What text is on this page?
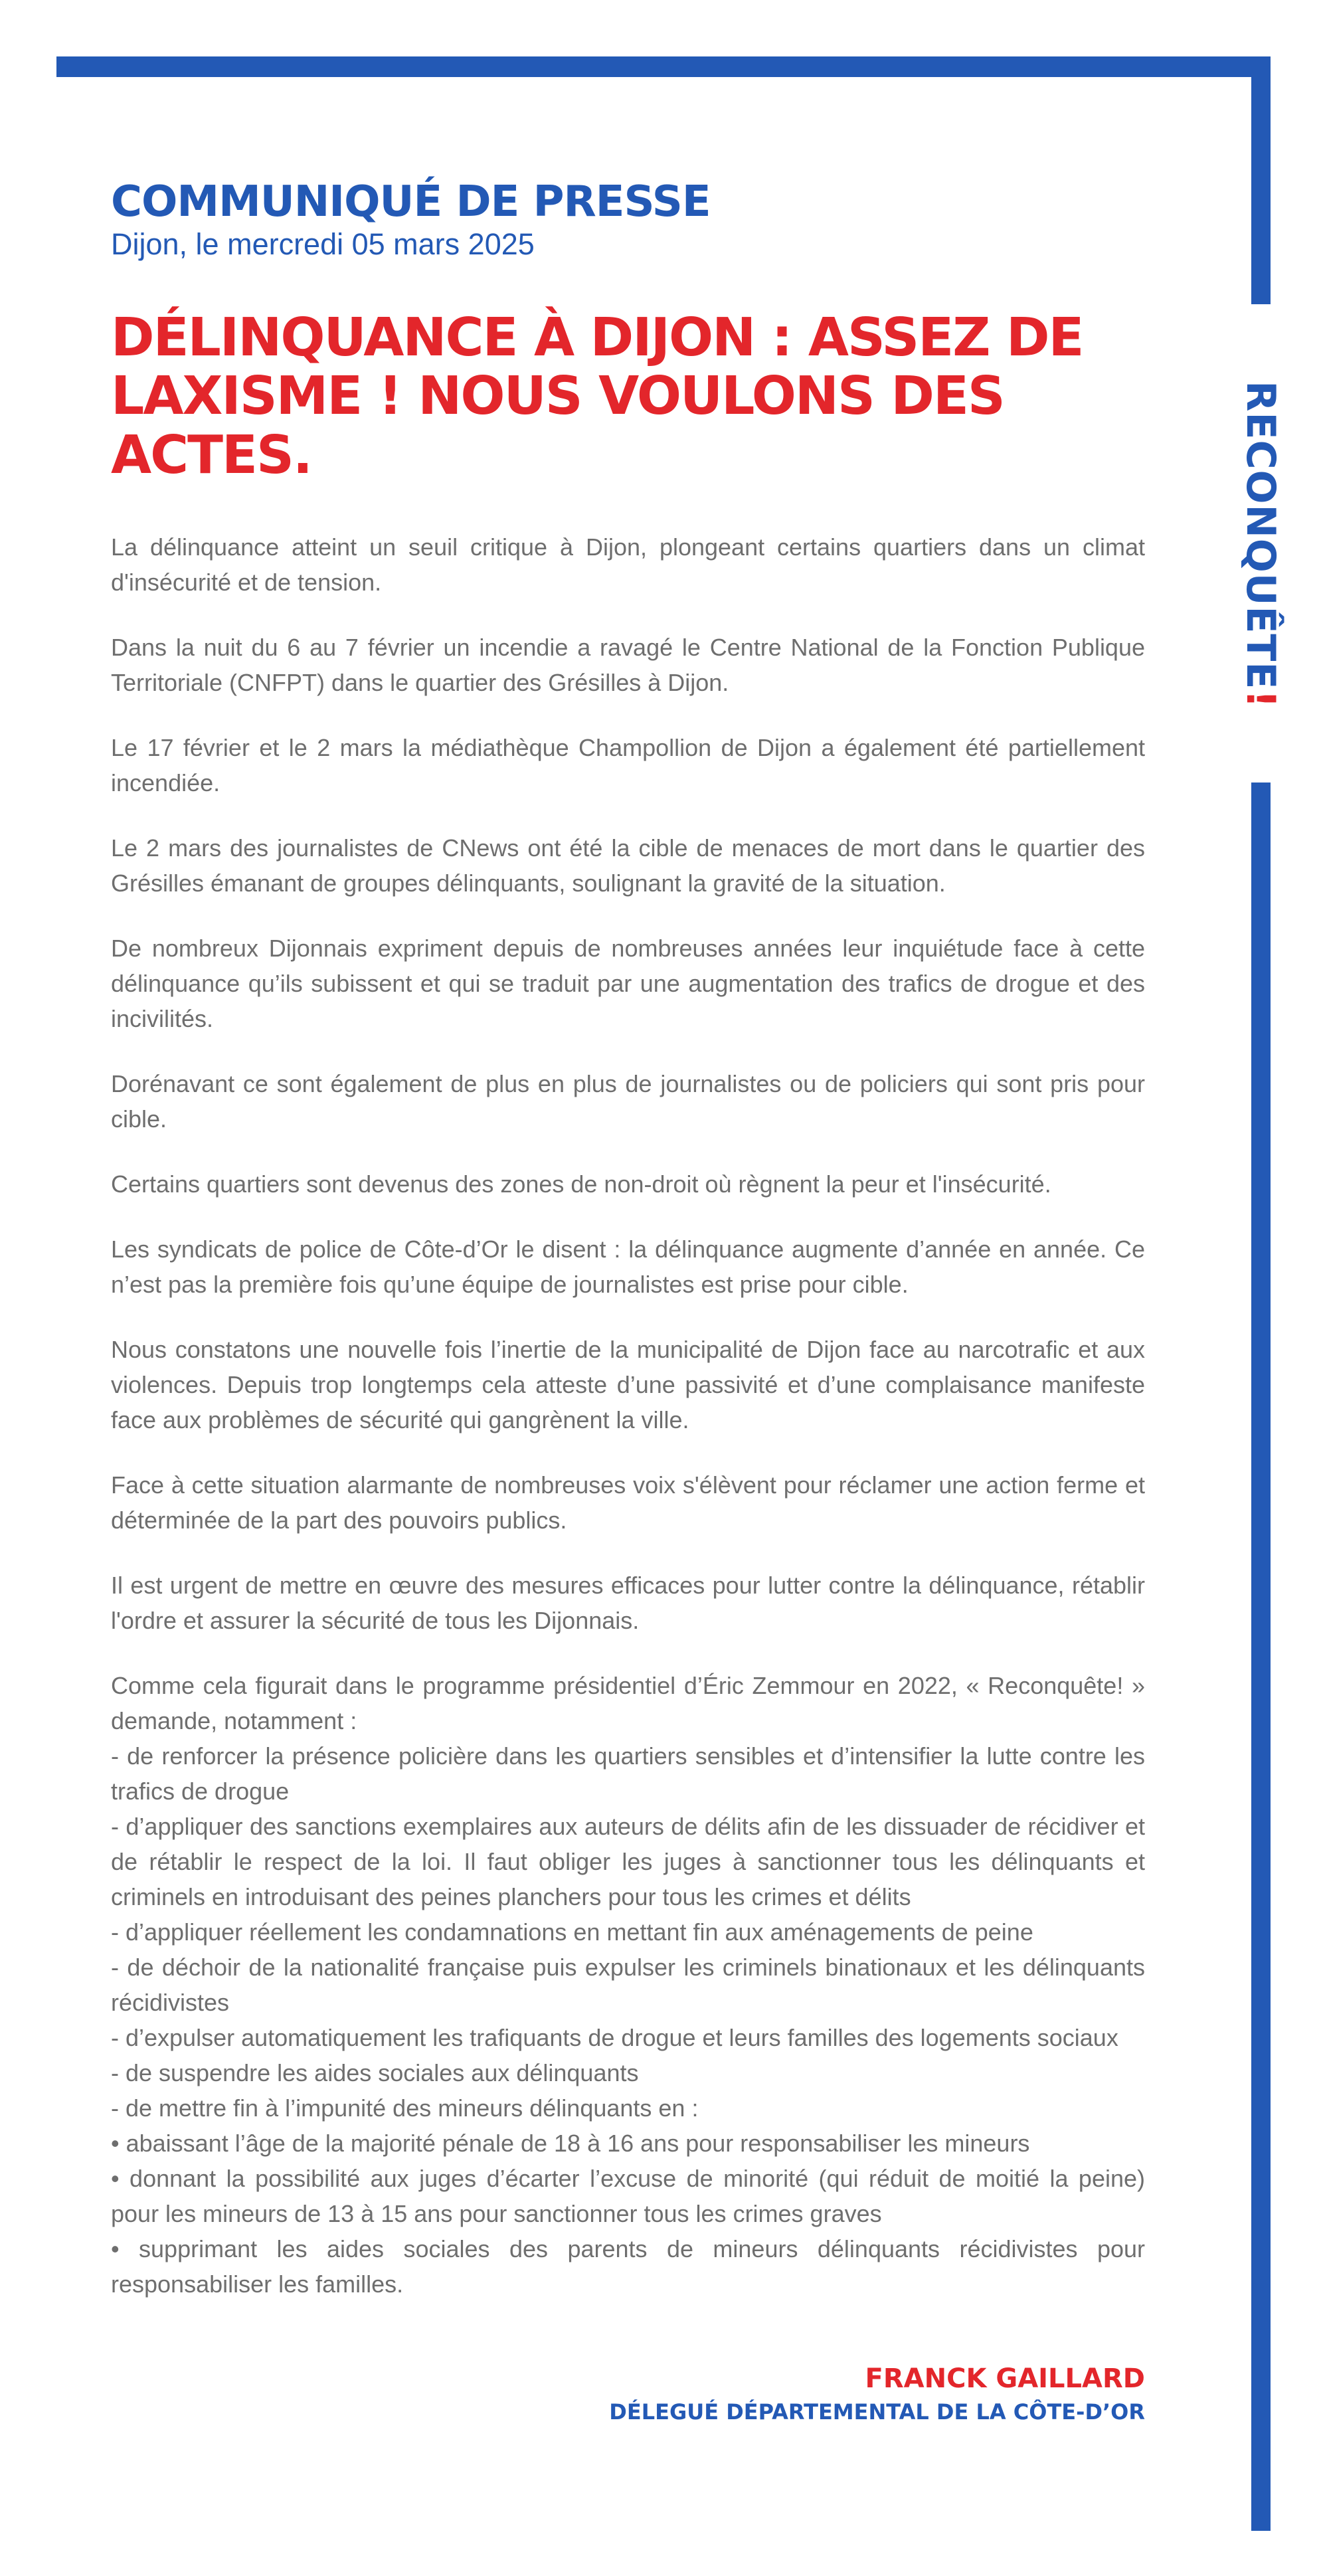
RECONQUÊTE!
COMMUNIQUÉ DE PRESSE

Dijon, le mercredi 05 mars 2025

DÉLINQUANCE À DIJON : ASSEZ DE LAXISME ! NOUS VOULONS DES ACTES.

La délinquance atteint un seuil critique à Dijon, plongeant certains quartiers dans un climat d'insécurité et de tension.

Dans la nuit du 6 au 7 février un incendie a ravagé le Centre National de la Fonction Publique Territoriale (CNFPT) dans le quartier des Grésilles à Dijon.

Le 17 février et le 2 mars la médiathèque Champollion de Dijon a également été partiellement incendiée.

Le 2 mars des journalistes de CNews ont été la cible de menaces de mort dans le quartier des Grésilles émanant de groupes délinquants, soulignant la gravité de la situation.

De nombreux Dijonnais expriment depuis de nombreuses années leur inquiétude face à cette délinquance qu’ils subissent et qui se traduit par une augmentation des trafics de drogue et des incivilités.

Dorénavant ce sont également de plus en plus de journalistes ou de policiers qui sont pris pour cible.

Certains quartiers sont devenus des zones de non-droit où règnent la peur et l'insécurité.

Les syndicats de police de Côte-d’Or le disent : la délinquance augmente d’année en année. Ce n’est pas la première fois qu’une équipe de journalistes est prise pour cible.

Nous constatons une nouvelle fois l’inertie de la municipalité de Dijon face au narcotrafic et aux violences. Depuis trop longtemps cela atteste d’une passivité et d’une complaisance manifeste face aux problèmes de sécurité qui gangrènent la ville.

Face à cette situation alarmante de nombreuses voix s'élèvent pour réclamer une action ferme et déterminée de la part des pouvoirs publics.

Il est urgent de mettre en œuvre des mesures efficaces pour lutter contre la délinquance, rétablir l'ordre et assurer la sécurité de tous les Dijonnais.

Comme cela figurait dans le programme présidentiel d’Éric Zemmour en 2022, « Reconquête! » demande, notamment :

- de renforcer la présence policière dans les quartiers sensibles et d’intensifier la lutte contre les trafics de drogue

- d’appliquer des sanctions exemplaires aux auteurs de délits afin de les dissuader de récidiver et de rétablir le respect de la loi. Il faut obliger les juges à sanctionner tous les délinquants et criminels en introduisant des peines planchers pour tous les crimes et délits

- d’appliquer réellement les condamnations en mettant fin aux aménagements de peine

- de déchoir de la nationalité française puis expulser les criminels binationaux et les délinquants récidivistes

- d’expulser automatiquement les trafiquants de drogue et leurs familles des logements sociaux

- de suspendre les aides sociales aux délinquants

- de mettre fin à l’impunité des mineurs délinquants en :

• abaissant l’âge de la majorité pénale de 18 à 16 ans pour responsabiliser les mineurs

• donnant la possibilité aux juges d’écarter l’excuse de minorité (qui réduit de moitié la peine) pour les mineurs de 13 à 15 ans pour sanctionner tous les crimes graves

• supprimant les aides sociales des parents de mineurs délinquants récidivistes pour responsabiliser les familles.

FRANCK GAILLARD
DÉLEGUÉ DÉPARTEMENTAL DE LA CÔTE-D’OR
